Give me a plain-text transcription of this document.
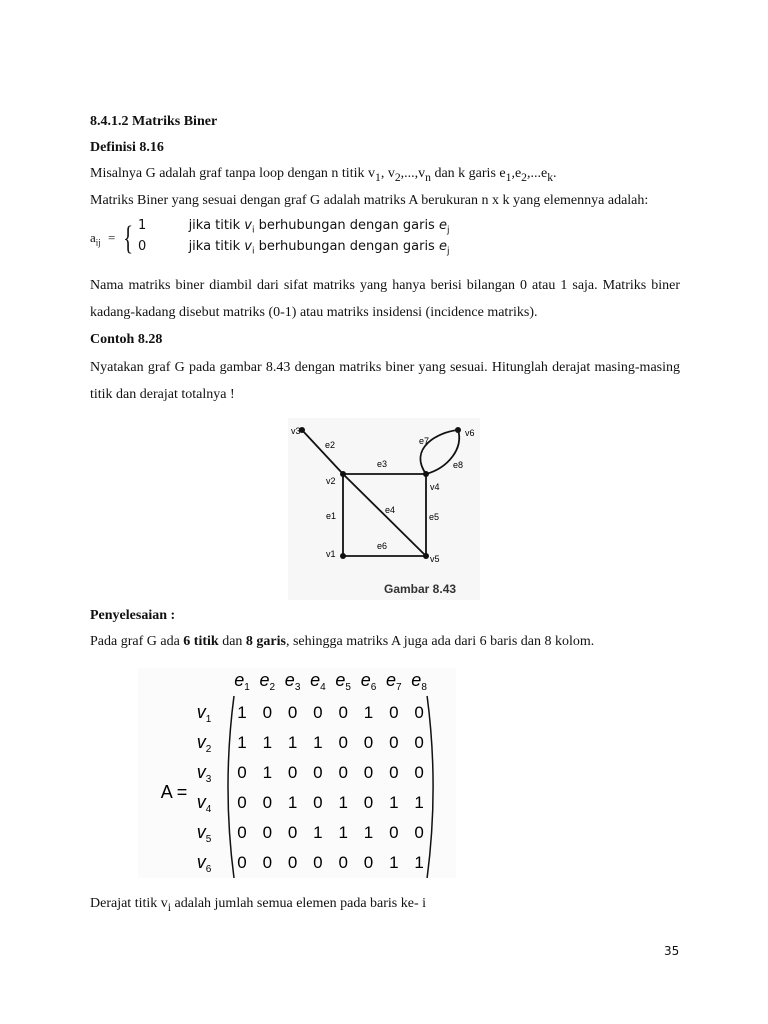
8.4.1.2 Matriks Biner
Definisi 8.16
Misalnya G adalah graf tanpa loop dengan n titik $v_1$, $v_2,...,v_n$ dan k garis $e_1,e_2,...e_k$.
Matriks Biner yang sesuai dengan graf G adalah matriks A berukuran n x k yang elemennya adalah:
$a_{ij}$ = { 1	jika titik $v_i$ berhubungan dengan garis $e_j$
0	jika titik $v_i$ berhubungan dengan garis $e_j$
Nama matriks biner diambil dari sifat matriks yang hanya berisi bilangan 0 atau 1 saja. Matriks biner kadang-kadang disebut matriks (0-1) atau matriks insidensi (incidence matriks).
Contoh 8.28
Nyatakan graf G pada gambar 8.43 dengan matriks biner yang sesuai. Hitunglah derajat masing-masing titik dan derajat totalnya !
v3	v6
v2
v4
v1	v5
e1
e2
e3
e4
e5
e6
e7
e8
Gambar 8.43
Penyelesaian :
Pada graf G ada 6 titik dan 8 garis, sehingga matriks A juga ada dari 6 baris dan 8 kolom.
$e_1$ $e_2$ $e_3$ $e_4$ $e_5$ $e_6$ $e_7$ $e_8$
A =
$v_1$ 1 0 0 0 0 1 0 0
$v_2$ 1 1 1 1 0 0 0 0
$v_3$ 0 1 0 0 0 0 0 0
$v_4$ 0 0 1 0 1 0 1 1
$v_5$ 0 0 0 1 1 1 0 0
$v_6$ 0 0 0 0 0 0 1 1
Derajat titik $v_i$ adalah jumlah semua elemen pada baris ke- i
35
